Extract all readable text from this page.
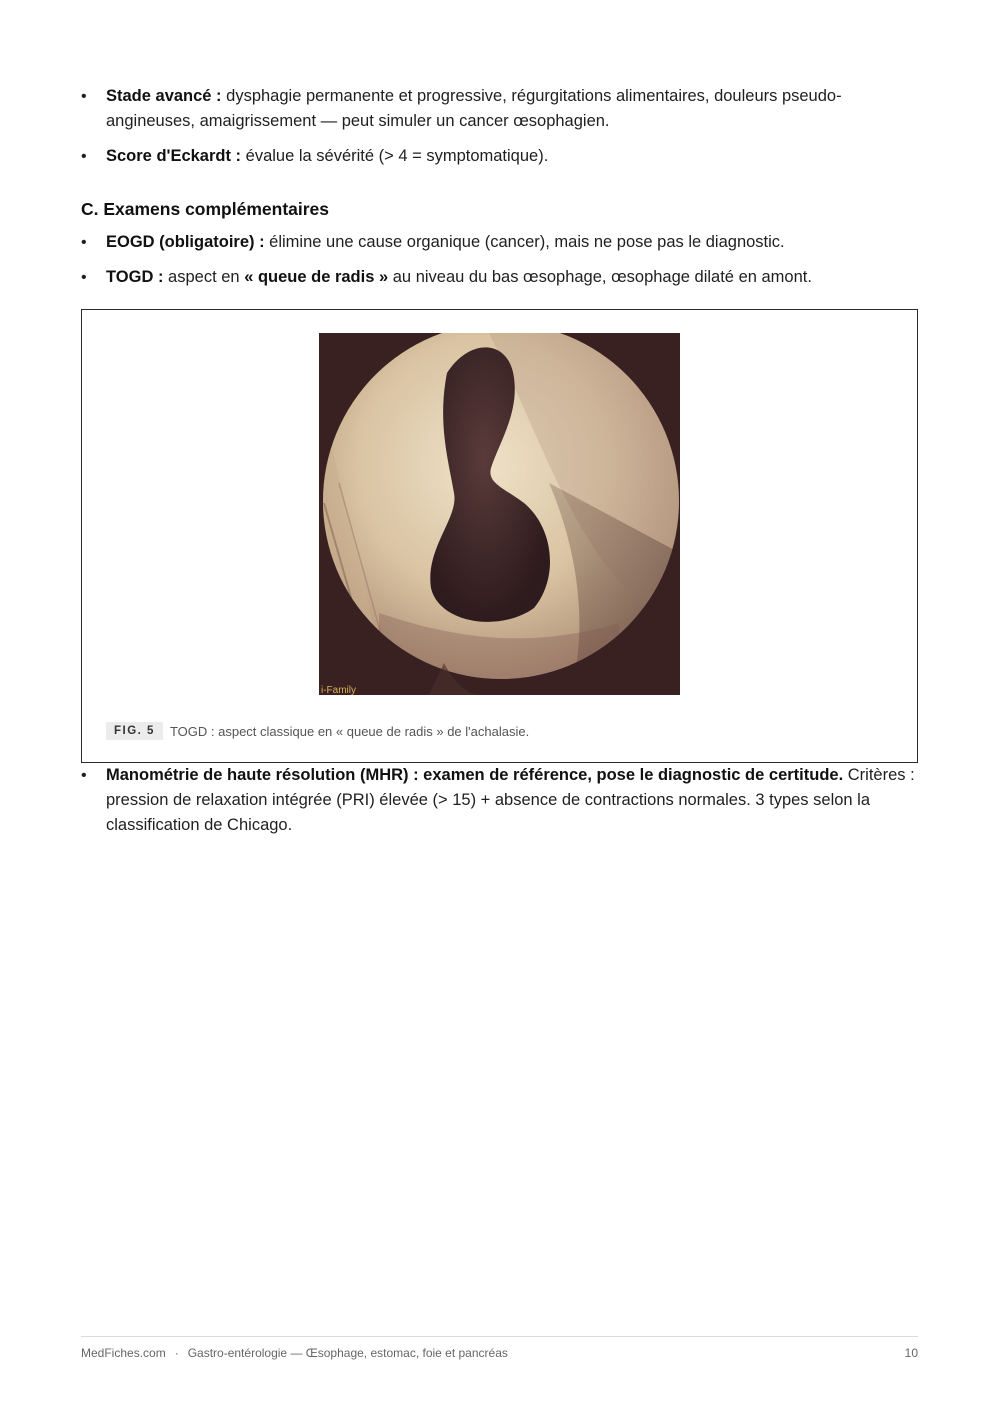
• Stade avancé : dysphagie permanente et progressive, régurgitations alimentaires, douleurs pseudo-angineuses, amaigrissement — peut simuler un cancer œsophagien.
• Score d'Eckardt : évalue la sévérité (> 4 = symptomatique).
C. Examens complémentaires
• EOGD (obligatoire) : élimine une cause organique (cancer), mais ne pose pas le diagnostic.
• TOGD : aspect en « queue de radis » au niveau du bas œsophage, œsophage dilaté en amont.
i-Family
FIG. 5	TOGD : aspect classique en « queue de radis » de l'achalasie.
• Manométrie de haute résolution (MHR) : examen de référence, pose le diagnostic de certitude. Critères : pression de relaxation intégrée (PRI) élevée (> 15) + absence de contractions normales. 3 types selon la classification de Chicago.
MedFiches.com · Gastro-entérologie — Œsophage, estomac, foie et pancréas	10
